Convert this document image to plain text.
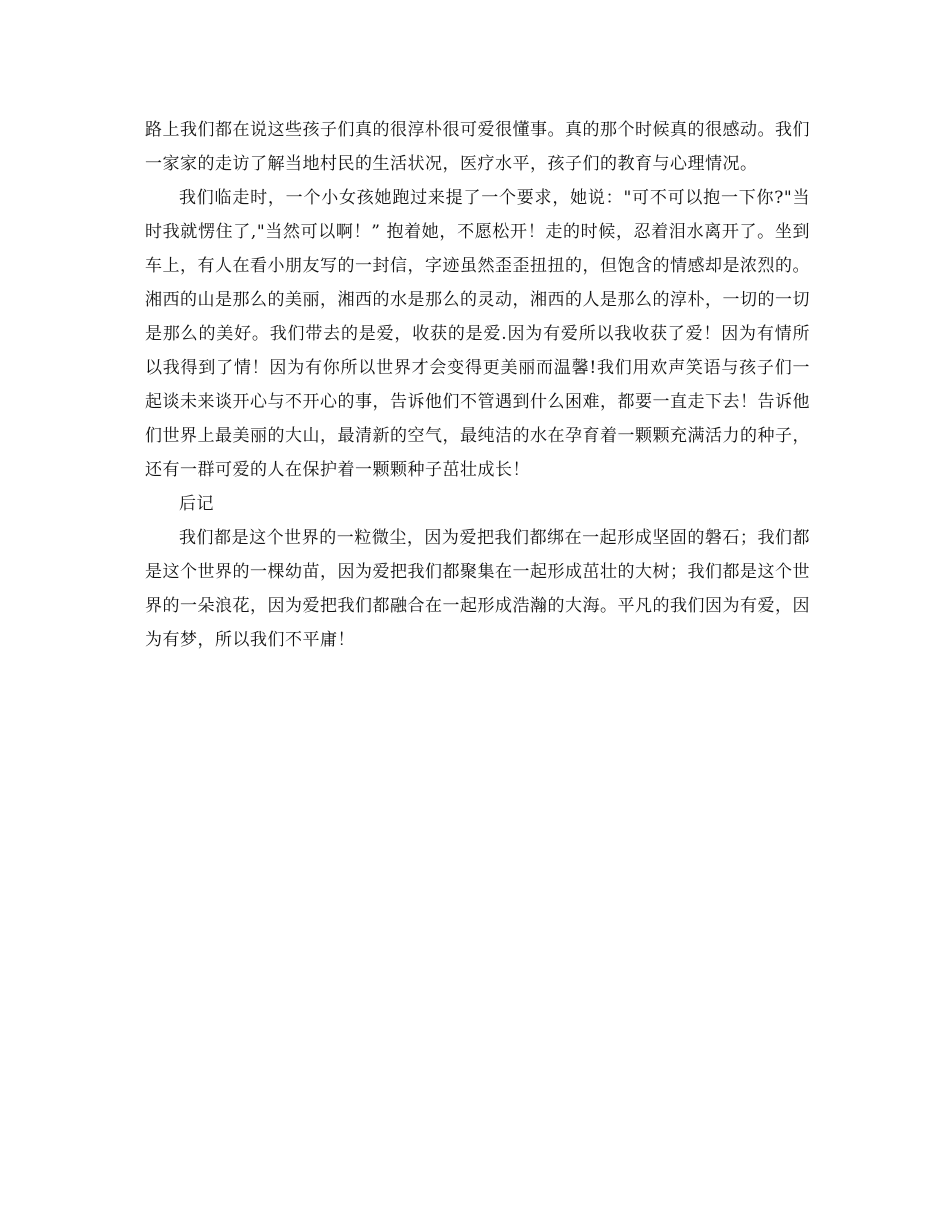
路上我们都在说这些孩子们真的很淳朴很可爱很懂事。真的那个时候真的很感动。我们一家家的走访了解当地村民的生活状况，医疗水平，孩子们的教育与心理情况。

我们临走时，一个小女孩她跑过来提了一个要求，她说："可不可以抱一下你?"当时我就愣住了,"当然可以啊！” 抱着她，不愿松开！走的时候，忍着泪水离开了。坐到车上，有人在看小朋友写的一封信，字迹虽然歪歪扭扭的，但饱含的情感却是浓烈的。湘西的山是那么的美丽，湘西的水是那么的灵动，湘西的人是那么的淳朴，一切的一切是那么的美好。我们带去的是爱，收获的是爱.因为有爱所以我收获了爱！因为有情所以我得到了情！因为有你所以世界才会变得更美丽而温馨!我们用欢声笑语与孩子们一起谈未来谈开心与不开心的事，告诉他们不管遇到什么困难，都要一直走下去！告诉他们世界上最美丽的大山，最清新的空气，最纯洁的水在孕育着一颗颗充满活力的种子，还有一群可爱的人在保护着一颗颗种子茁壮成长！

后记

我们都是这个世界的一粒微尘，因为爱把我们都绑在一起形成坚固的磐石；我们都是这个世界的一棵幼苗，因为爱把我们都聚集在一起形成茁壮的大树；我们都是这个世界的一朵浪花，因为爱把我们都融合在一起形成浩瀚的大海。平凡的我们因为有爱，因为有梦，所以我们不平庸！
